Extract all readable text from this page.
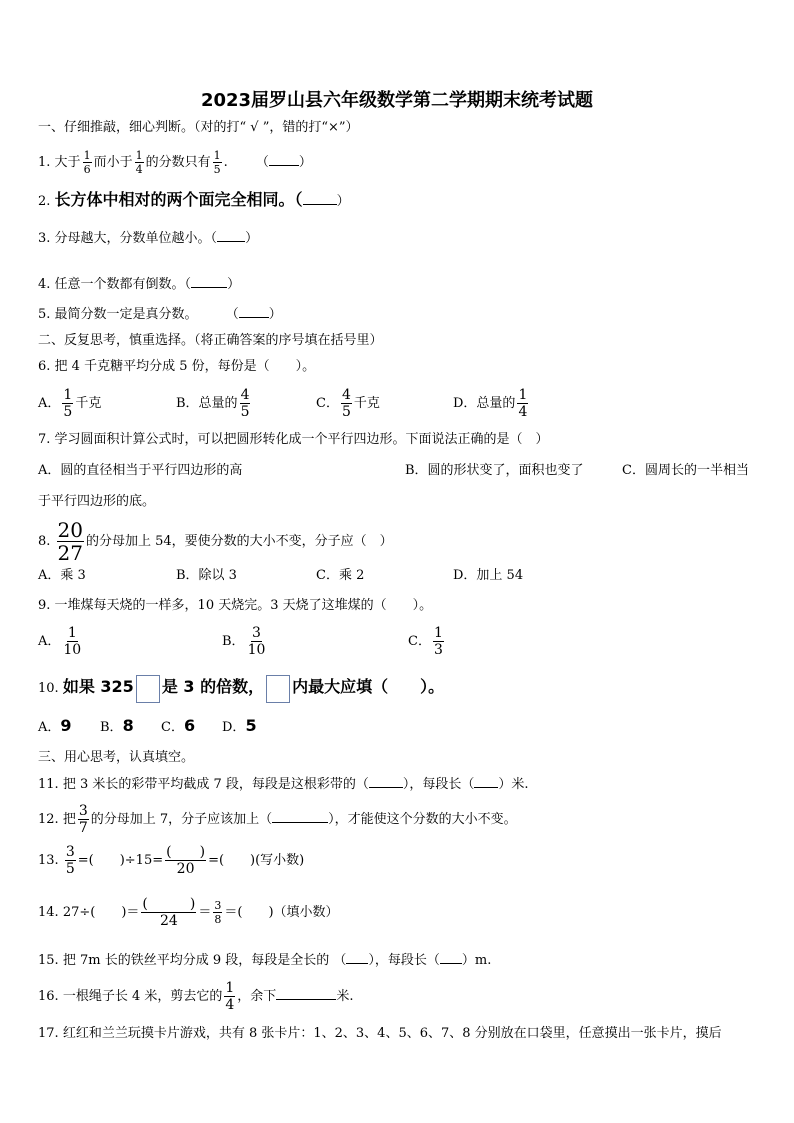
2023届罗山县六年级数学第二学期期末统考试题
一、仔细推敲，细心判断。（对的打“ √ ”，错的打“×”）
1. 大于 $\frac{1}{6}$ 而小于 $\frac{1}{4}$ 的分数只有 $\frac{1}{5}$ . （ ）
2. 长方体中相对的两个面完全相同。（	）
3. 分母越大，分数单位越小。（ ）
4. 任意一个数都有倒数。（	）
5. 最简分数一定是真分数。 （ ）
二、反复思考，慎重选择。（将正确答案的序号填在括号里）
6. 把 4 千克糖平均分成 5 份，每份是（　　）。
A． $\frac{1}{5}$ 千克	B．总量的 $\frac{4}{5}$	C． $\frac{4}{5}$ 千克	D．总量的 $\frac{1}{4}$
7. 学习圆面积计算公式时，可以把圆形转化成一个平行四边形。下面说法正确的是（　）
A．圆的直径相当于平行四边形的高	B．圆的形状变了，面积也变了	C．圆周长的一半相当
于平行四边形的底。
8. $\frac{20}{27}$ 的分母加上 54，要使分数的大小不变，分子应（　）
A．乘 3	B．除以 3	C．乘 2	D．加上 54
9. 一堆煤每天烧的一样多，10 天烧完。3 天烧了这堆煤的（　　）。
A． $\frac{1}{10}$	B． $\frac{3}{10}$	C． $\frac{1}{3}$
10. 如果 325 是 3 的倍数， 内最大应填（　　）。
A．9 B．8 C．6 D．5
三、用心思考，认真填空。
11. 把 3 米长的彩带平均截成 7 段，每段是这根彩带的（	），每段长（ ）米.
12. 把 $\frac{3}{7}$ 的分母加上 7，分子应该加上（	），才能使这个分数的大小不变。
13. $\frac{3}{5}$ =(　　)$\div 15= \frac{( )}{20}$ =(　　)(写小数)
14. 27÷(　　)＝ $\frac{( )}{24} = \frac{3}{8}$ ＝(　　)（填小数）
15. 把 7m 长的铁丝平均分成 9 段，每段是全长的 （ ），每段长（ ）m.
16. 一根绳子长 4 米，剪去它的 $\frac{1}{4}$ ，余下	米.
17. 红红和兰兰玩摸卡片游戏，共有 8 张卡片：1、2、3、4、5、6、7、8 分别放在口袋里，任意摸出一张卡片，摸后
